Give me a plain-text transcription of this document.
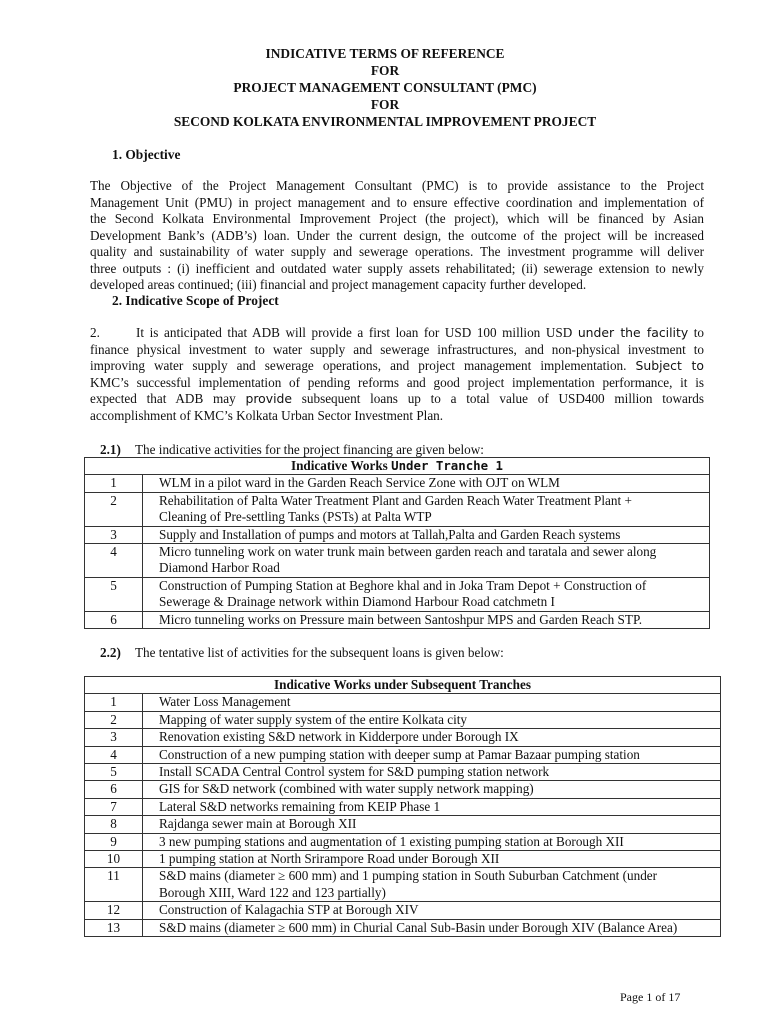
INDICATIVE TERMS OF REFERENCE
FOR
PROJECT MANAGEMENT CONSULTANT (PMC)
FOR
SECOND KOLKATA ENVIRONMENTAL IMPROVEMENT PROJECT
1. Objective
The Objective of the Project Management Consultant (PMC) is to provide assistance to the Project
Management Unit (PMU) in project management and to ensure effective coordination and implementation of
the Second Kolkata Environmental Improvement Project (the project), which will be financed by Asian
Development Bank’s (ADB’s) loan. Under the current design, the outcome of the project will be increased
quality and sustainability of water supply and sewerage operations. The investment programme will deliver
three outputs : (i) inefficient and outdated water supply assets rehabilitated; (ii) sewerage extension to newly
developed areas continued; (iii) financial and project management capacity further developed.
2. Indicative Scope of Project
2.	It is anticipated that ADB will provide a first loan for USD 100 million USD under the facility to
finance physical investment to water supply and sewerage infrastructures, and non-physical investment to
improving water supply and sewerage operations, and project management implementation. Subject to
KMC’s successful implementation of pending reforms and good project implementation performance, it is
expected that ADB may provide subsequent loans up to a total value of USD400 million towards
accomplishment of KMC’s Kolkata Urban Sector Investment Plan.
2.1) The indicative activities for the project financing are given below:
Indicative Works Under Tranche 1	
1	WLM in a pilot ward in the Garden Reach Service Zone with OJT on WLM

2	Rehabilitation of Palta Water Treatment Plant and Garden Reach Water Treatment Plant +
Cleaning of Pre-settling Tanks (PSTs) at Palta WTP

3	Supply and Installation of pumps and motors at Tallah,Palta and Garden Reach systems

4	Micro tunneling work on water trunk main between garden reach and taratala and sewer along
Diamond Harbor Road

5	Construction of Pumping Station at Beghore khal and in Joka Tram Depot + Construction of
Sewerage & Drainage network within Diamond Harbour Road catchmetn I

6	Micro tunneling works on Pressure main between Santoshpur MPS and Garden Reach STP.
2.2) The tentative list of activities for the subsequent loans is given below:
Indicative Works under Subsequent Tranches	
1	Water Loss Management

2	Mapping of water supply system of the entire Kolkata city

3	Renovation existing S&D network in Kidderpore under Borough IX

4	Construction of a new pumping station with deeper sump at Pamar Bazaar pumping station

5	Install SCADA Central Control system for S&D pumping station network

6	GIS for S&D network (combined with water supply network mapping)

7	Lateral S&D networks remaining from KEIP Phase 1

8	Rajdanga sewer main at Borough XII

9	3 new pumping stations and augmentation of 1 existing pumping station at Borough XII

10	1 pumping station at North Srirampore Road under Borough XII

11	S&D mains (diameter ≥ 600 mm) and 1 pumping station in South Suburban Catchment (under
Borough XIII, Ward 122 and 123 partially)

12	Construction of Kalagachia STP at Borough XIV

13	S&D mains (diameter ≥ 600 mm) in Churial Canal Sub-Basin under Borough XIV (Balance Area)
Page 1 of 17
